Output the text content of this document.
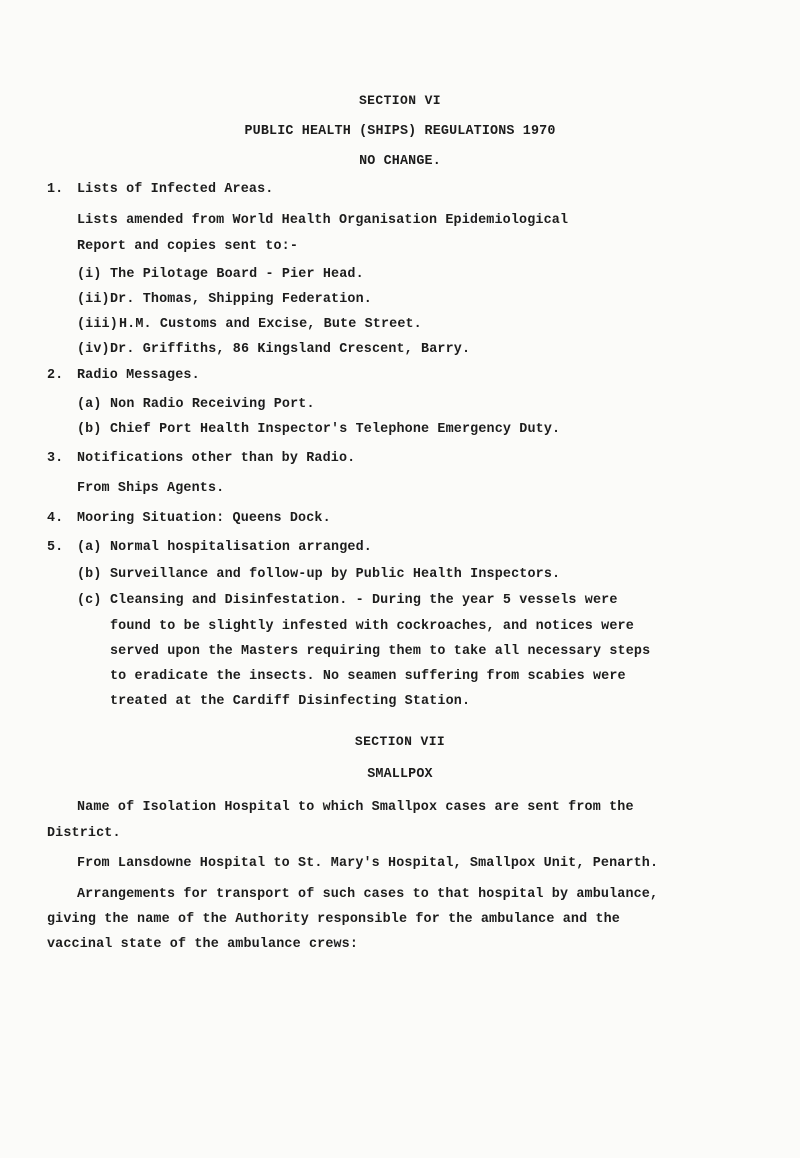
SECTION VI
PUBLIC HEALTH (SHIPS) REGULATIONS 1970
NO CHANGE.
1. Lists of Infected Areas.
Lists amended from World Health Organisation Epidemiological
Report and copies sent to:-
(i) The Pilotage Board - Pier Head.
(ii) Dr. Thomas, Shipping Federation.
(iii) H.M. Customs and Excise, Bute Street.
(iv) Dr. Griffiths, 86 Kingsland Crescent, Barry.
2. Radio Messages.
(a) Non Radio Receiving Port.
(b) Chief Port Health Inspector's Telephone Emergency Duty.
3. Notifications other than by Radio.
From Ships Agents.
4. Mooring Situation: Queens Dock.
5. (a) Normal hospitalisation arranged.
(b) Surveillance and follow-up by Public Health Inspectors.
(c) Cleansing and Disinfestation. - During the year 5 vessels were
found to be slightly infested with cockroaches, and notices were
served upon the Masters requiring them to take all necessary steps
to eradicate the insects. No seamen suffering from scabies were
treated at the Cardiff Disinfecting Station.
SECTION VII
SMALLPOX
Name of Isolation Hospital to which Smallpox cases are sent from the
District.
From Lansdowne Hospital to St. Mary's Hospital, Smallpox Unit, Penarth.
Arrangements for transport of such cases to that hospital by ambulance,
giving the name of the Authority responsible for the ambulance and the
vaccinal state of the ambulance crews:
